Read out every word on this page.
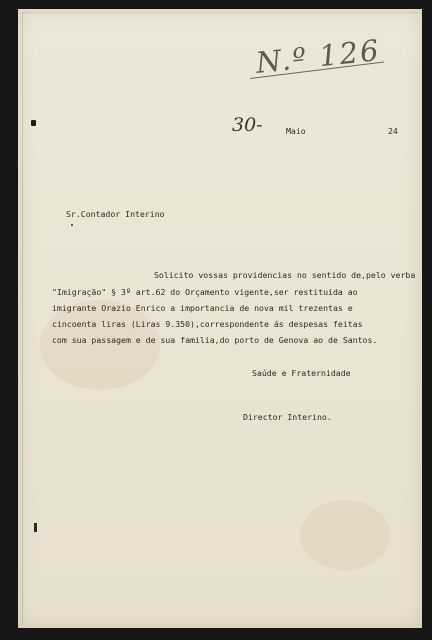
N.º 126
30-	Maio	24
Sr.Contador Interino
Solicito vossas providencias no sentido de,pelo verba
"Imigração" § 3º art.62 do Orçamento vigente,ser restituida ao
imigrante Orazio Enrico a importancia de nova mil trezentas e
cincoenta liras (Liras 9.350),correspondente ás despesas feitas
com sua passagem e de sua familia,do porto de Genova ao de Santos.
Saúde e Fraternidade
Director Interino.
